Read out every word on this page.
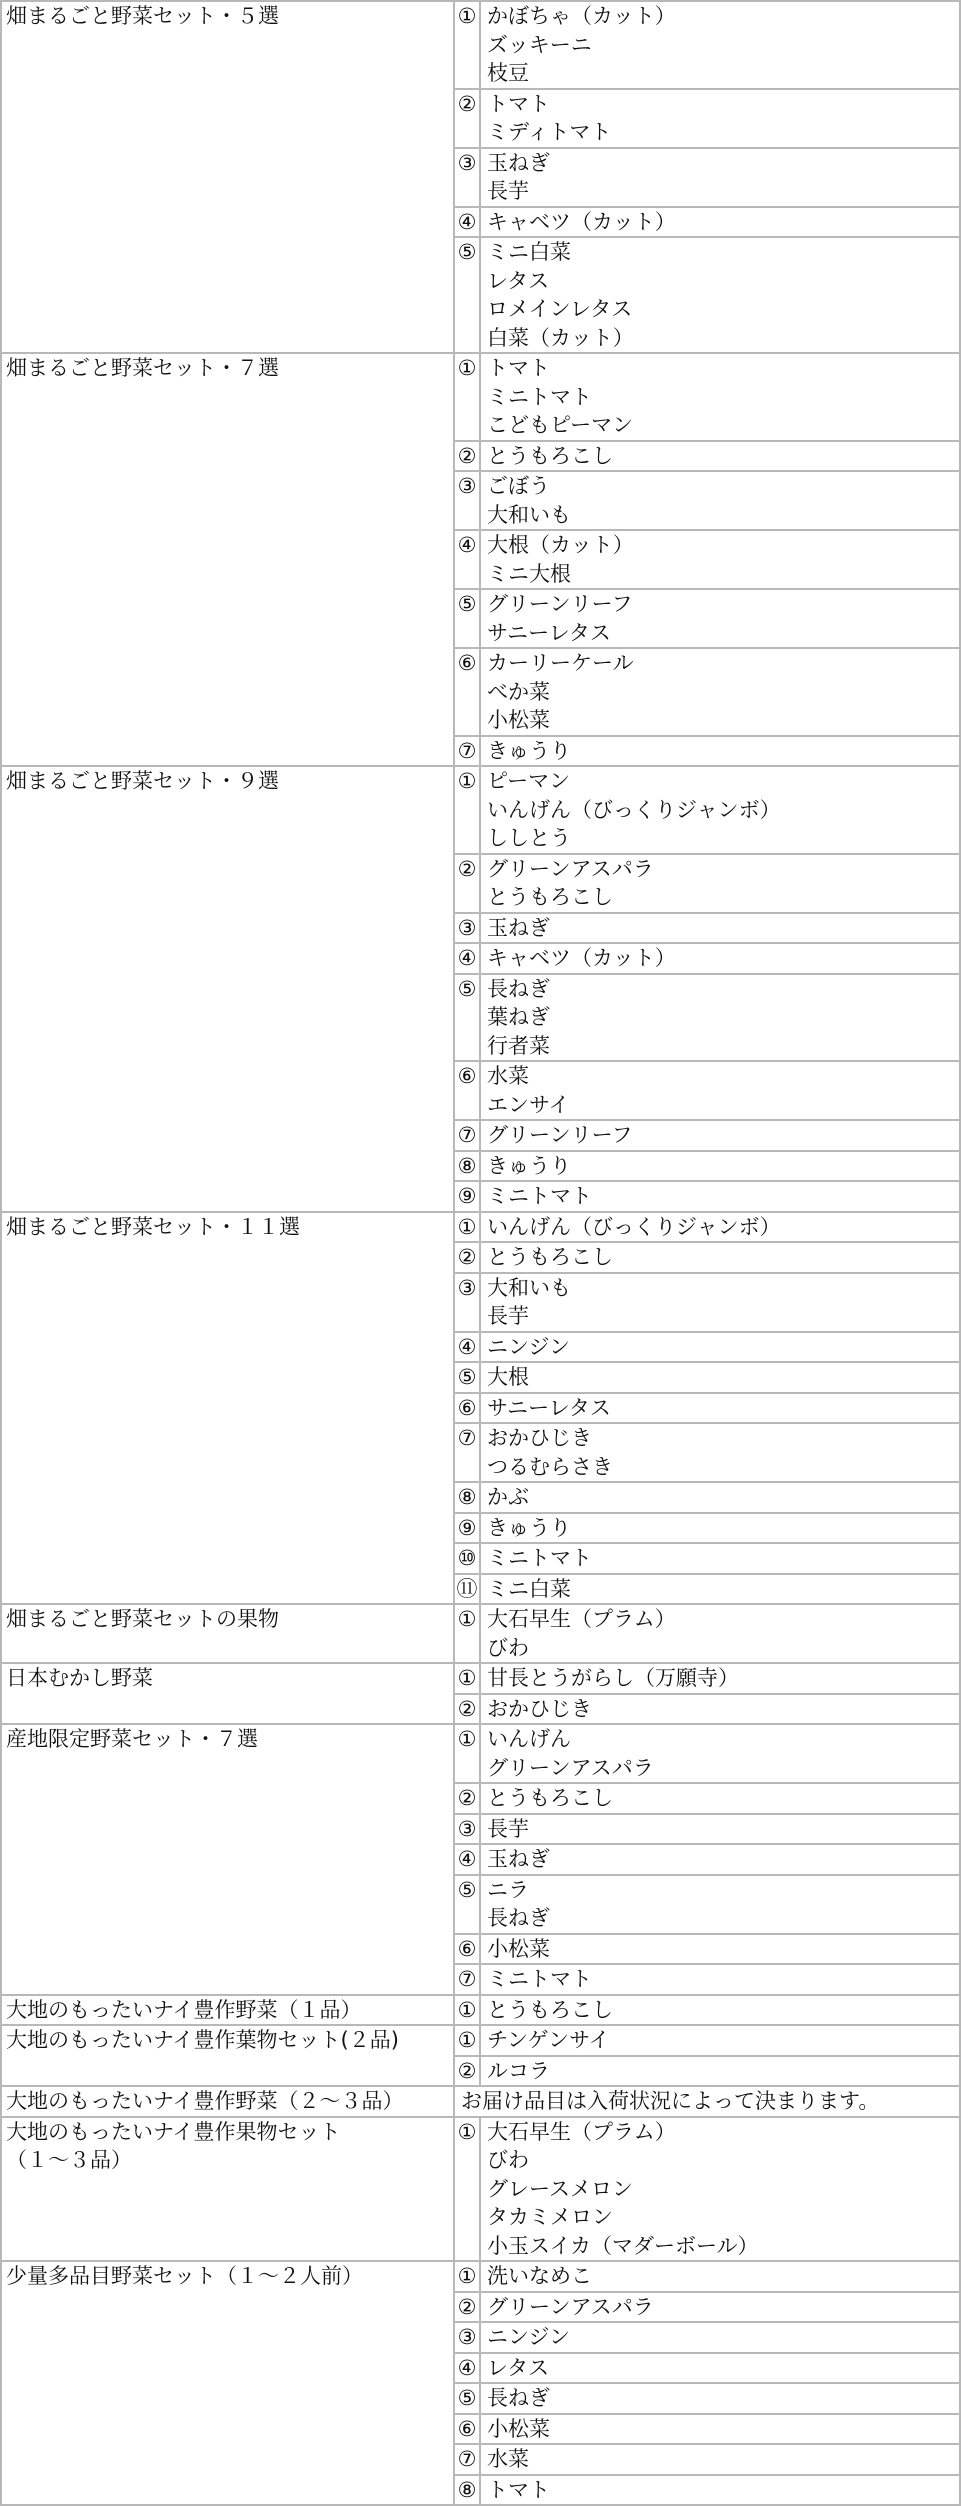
畑まるごと野菜セット・５選	①	かぼちゃ（カット）
ズッキーニ
枝豆

	②	トマト
ミディトマト

	③	玉ねぎ
長芋

	④	キャベツ（カット）

	⑤	ミニ白菜
レタス
ロメインレタス
白菜（カット）

畑まるごと野菜セット・７選	①	トマト
ミニトマト
こどもピーマン

	②	とうもろこし

	③	ごぼう
大和いも

	④	大根（カット）
ミニ大根

	⑤	グリーンリーフ
サニーレタス

	⑥	カーリーケール
べか菜
小松菜

	⑦	きゅうり

畑まるごと野菜セット・９選	①	ピーマン
いんげん（びっくりジャンボ）
ししとう

	②	グリーンアスパラ
とうもろこし

	③	玉ねぎ

	④	キャベツ（カット）

	⑤	長ねぎ
葉ねぎ
行者菜

	⑥	水菜
エンサイ

	⑦	グリーンリーフ

	⑧	きゅうり

	⑨	ミニトマト

畑まるごと野菜セット・１１選	①	いんげん（びっくりジャンボ）

	②	とうもろこし

	③	大和いも
長芋

	④	ニンジン

	⑤	大根

	⑥	サニーレタス

	⑦	おかひじき
つるむらさき

	⑧	かぶ

	⑨	きゅうり

	⑩	ミニトマト

	⑪	ミニ白菜

畑まるごと野菜セットの果物	①	大石早生（プラム）
びわ

日本むかし野菜	①	甘長とうがらし（万願寺）

	②	おかひじき

産地限定野菜セット・７選	①	いんげん
グリーンアスパラ

	②	とうもろこし

	③	長芋

	④	玉ねぎ

	⑤	ニラ
長ねぎ

	⑥	小松菜

	⑦	ミニトマト

大地のもったいナイ豊作野菜（１品）	①	とうもろこし

大地のもったいナイ豊作葉物セット(２品)	①	チンゲンサイ

	②	ルコラ

大地のもったいナイ豊作野菜（２～３品）	お届け品目は入荷状況によって決まります。	
大地のもったいナイ豊作果物セット
（１～３品）	①	大石早生（プラム）
びわ
グレースメロン
タカミメロン
小玉スイカ（マダーボール）

少量多品目野菜セット（１～２人前）	①	洗いなめこ

	②	グリーンアスパラ

	③	ニンジン

	④	レタス

	⑤	長ねぎ

	⑥	小松菜

	⑦	水菜

	⑧	トマト
